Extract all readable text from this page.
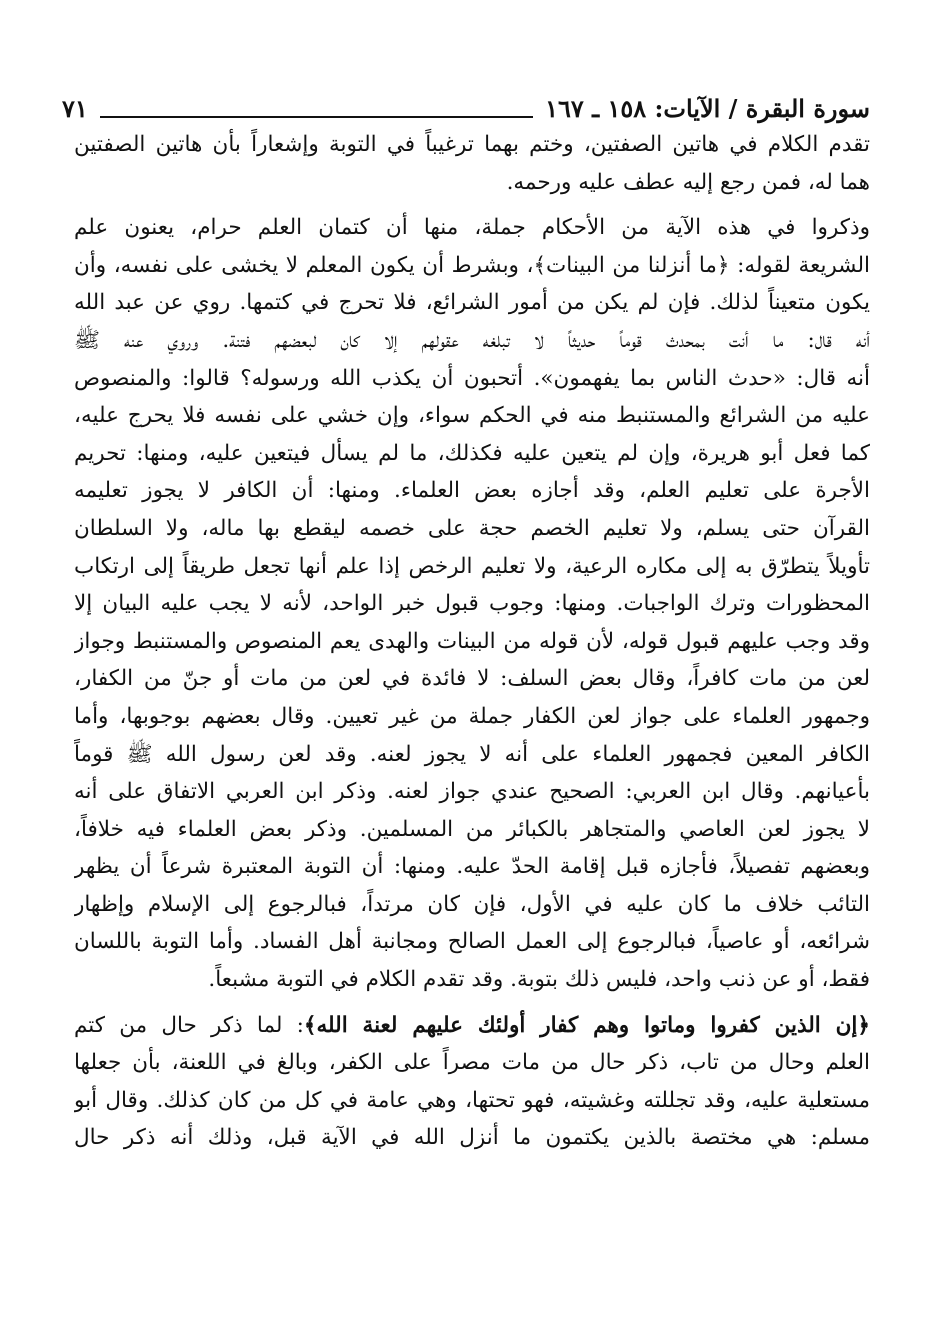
٧١	سورة البقرة / الآيات: ١٥٨ ـ ١٦٧
تقدم الكلام في هاتين الصفتين، وختم بهما ترغيباً في التوبة وإشعاراً بأن هاتين الصفتين
هما له، فمن رجع إليه عطف عليه ورحمه.
وذكروا في هذه الآية من الأحكام جملة، منها أن كتمان العلم حرام، يعنون علم
الشريعة لقوله: ﴿ما أنزلنا من البينات﴾، وبشرط أن يكون المعلم لا يخشى على نفسه، وأن
يكون متعيناً لذلك. فإن لم يكن من أمور الشرائع، فلا تحرج في كتمها. روي عن عبد الله
أنه قال: ما أنت بمحدث قوماً حديثاً لا تبلغه عقولهم إلا كان لبعضهم فتنة. وروي عنه ﷺ
أنه قال: «حدث الناس بما يفهمون». أتحبون أن يكذب الله ورسوله؟ قالوا: والمنصوص
عليه من الشرائع والمستنبط منه في الحكم سواء، وإن خشي على نفسه فلا يحرج عليه،
كما فعل أبو هريرة، وإن لم يتعين عليه فكذلك، ما لم يسأل فيتعين عليه، ومنها: تحريم
الأجرة على تعليم العلم، وقد أجازه بعض العلماء. ومنها: أن الكافر لا يجوز تعليمه
القرآن حتى يسلم، ولا تعليم الخصم حجة على خصمه ليقطع بها ماله، ولا السلطان
تأويلاً يتطرّق به إلى مكاره الرعية، ولا تعليم الرخص إذا علم أنها تجعل طريقاً إلى ارتكاب
المحظورات وترك الواجبات. ومنها: وجوب قبول خبر الواحد، لأنه لا يجب عليه البيان إلا
وقد وجب عليهم قبول قوله، لأن قوله من البينات والهدى يعم المنصوص والمستنبط وجواز
لعن من مات كافراً، وقال بعض السلف: لا فائدة في لعن من مات أو جنّ من الكفار،
وجمهور العلماء على جواز لعن الكفار جملة من غير تعيين. وقال بعضهم بوجوبها، وأما
الكافر المعين فجمهور العلماء على أنه لا يجوز لعنه. وقد لعن رسول الله ﷺ قوماً
بأعيانهم. وقال ابن العربي: الصحيح عندي جواز لعنه. وذكر ابن العربي الاتفاق على أنه
لا يجوز لعن العاصي والمتجاهر بالكبائر من المسلمين. وذكر بعض العلماء فيه خلافاً،
وبعضهم تفصيلاً، فأجازه قبل إقامة الحدّ عليه. ومنها: أن التوبة المعتبرة شرعاً أن يظهر
التائب خلاف ما كان عليه في الأول، فإن كان مرتداً، فبالرجوع إلى الإسلام وإظهار
شرائعه، أو عاصياً، فبالرجوع إلى العمل الصالح ومجانبة أهل الفساد. وأما التوبة باللسان
فقط، أو عن ذنب واحد، فليس ذلك بتوبة. وقد تقدم الكلام في التوبة مشبعاً.
﴿إن الذين كفروا وماتوا وهم كفار أولئك عليهم لعنة الله﴾: لما ذكر حال من كتم
العلم وحال من تاب، ذكر حال من مات مصراً على الكفر، وبالغ في اللعنة، بأن جعلها
مستعلية عليه، وقد تجللته وغشيته، فهو تحتها، وهي عامة في كل من كان كذلك. وقال أبو
مسلم: هي مختصة بالذين يكتمون ما أنزل الله في الآية قبل، وذلك أنه ذكر حال
